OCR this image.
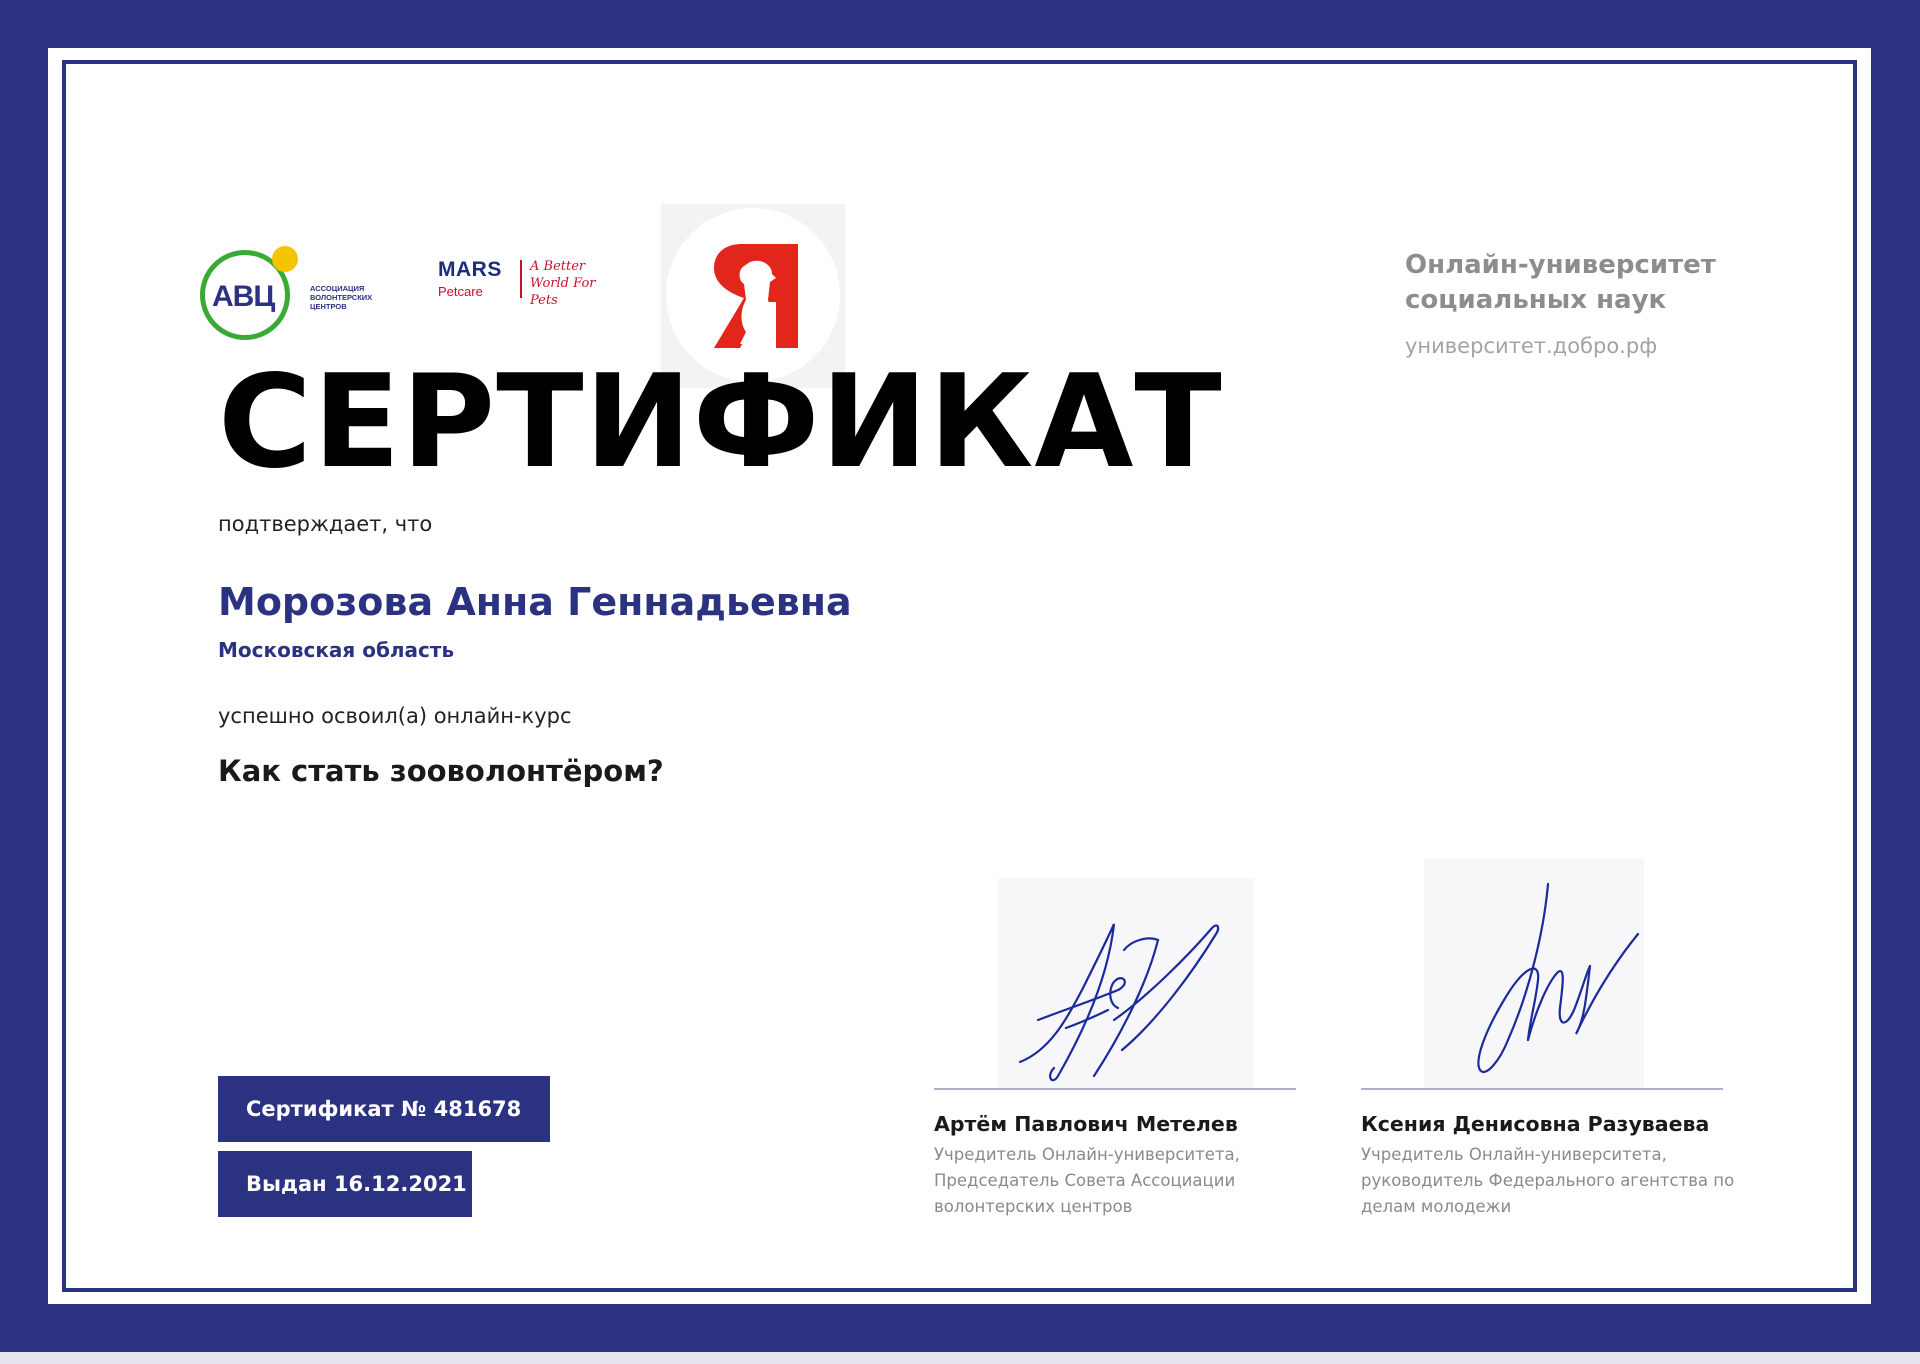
АВЦ	АССОЦИАЦИЯ ВОЛОНТЕРСКИХ ЦЕНТРОВ
MARS
Petcare
A Better World For Pets
Онлайн-университет социальных наук
университет.добро.рф
СЕРТИФИКАТ
подтверждает, что
Морозова Анна Геннадьевна
Московская область
успешно освоил(а) онлайн-курс
Как стать зооволонтёром?
Сертификат № 481678
Выдан 16.12.2021
Артём Павлович Метелев
Учредитель Онлайн-университета, Председатель Совета Ассоциации волонтерских центров
Ксения Денисовна Разуваева
Учредитель Онлайн-университета, руководитель Федерального агентства по делам молодежи
